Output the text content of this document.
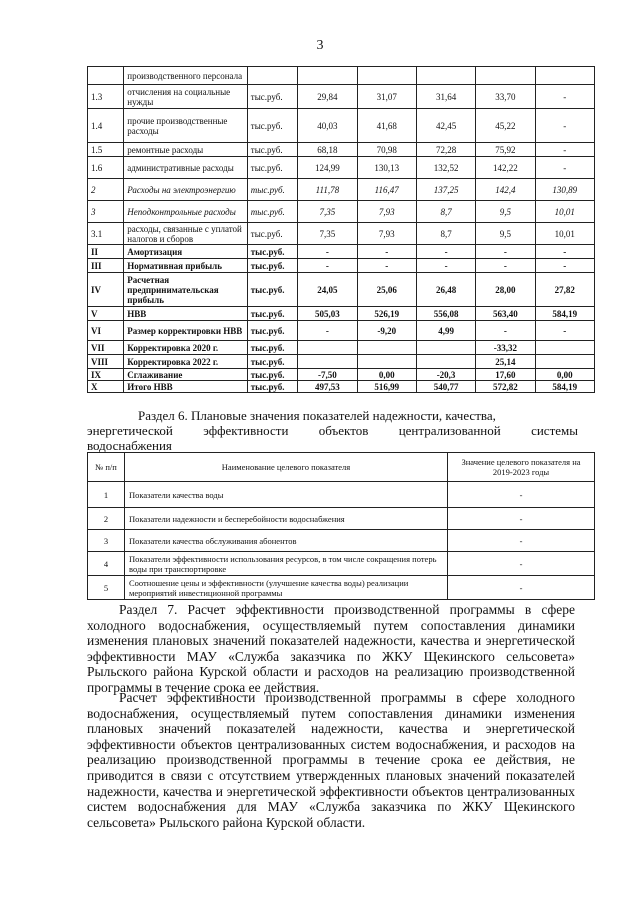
3
	производственного персонала						
1.3	отчисления на социальные нужды	тыс.руб.	29,84	31,07	31,64	33,70	-
1.4	прочие производственные расходы	тыс.руб.	40,03	41,68	42,45	45,22	-
1.5	ремонтные расходы	тыс.руб.	68,18	70,98	72,28	75,92	-
1.6	административные расходы	тыс.руб.	124,99	130,13	132,52	142,22	-
2	Расходы на электроэнергию	тыс.руб.	111,78	116,47	137,25	142,4	130,89
3	Неподконтрольные расходы	тыс.руб.	7,35	7,93	8,7	9,5	10,01
3.1	расходы, связанные с уплатой налогов и сборов	тыс.руб.	7,35	7,93	8,7	9,5	10,01
II	Амортизация	тыс.руб.	-	-	-	-	-
III	Нормативная прибыль	тыс.руб.	-	-	-	-	-
IV	Расчетная предпринимательская прибыль	тыс.руб.	24,05	25,06	26,48	28,00	27,82
V	НВВ	тыс.руб.	505,03	526,19	556,08	563,40	584,19
VI	Размер корректировки НВВ	тыс.руб.	-	-9,20	4,99	-	-
VII	Корректировка 2020 г.	тыс.руб.				-33,32	
VIII	Корректировка 2022 г.	тыс.руб.				25,14	
IX	Сглаживание	тыс.руб.	-7,50	0,00	-20,3	17,60	0,00
X	Итого НВВ	тыс.руб.	497,53	516,99	540,77	572,82	584,19
Раздел 6. Плановые значения показателей надежности, качества,
энергетической эффективности объектов централизованной системы
водоснабжения
№ п/п	Наименование целевого показателя	Значение целевого показателя на 2019-2023 годы
1	Показатели качества воды	-
2	Показатели надежности и бесперебойности водоснабжения	-
3	Показатели качества обслуживания абонентов	-
4	Показатели эффективности использования ресурсов, в том числе сокращения потерь воды при транспортировке	-
5	Соотношение цены и эффективности (улучшение качества воды) реализации мероприятий инвестиционной программы	-
Раздел 7. Расчет эффективности производственной программы в сфере холодного водоснабжения, осуществляемый путем сопоставления динамики изменения плановых значений показателей надежности, качества и энергетической эффективности МАУ «Служба заказчика по ЖКУ Щекинского сельсовета» Рыльского района Курской области и расходов на реализацию производственной программы в течение срока ее действия.
Расчет эффективности производственной программы в сфере холодного водоснабжения, осуществляемый путем сопоставления динамики изменения плановых значений показателей надежности, качества и энергетической эффективности объектов централизованных систем водоснабжения, и расходов на реализацию производственной программы в течение срока ее действия, не приводится в связи с отсутствием утвержденных плановых значений показателей надежности, качества и энергетической эффективности объектов централизованных систем водоснабжения для МАУ «Служба заказчика по ЖКУ Щекинского сельсовета» Рыльского района Курской области.
